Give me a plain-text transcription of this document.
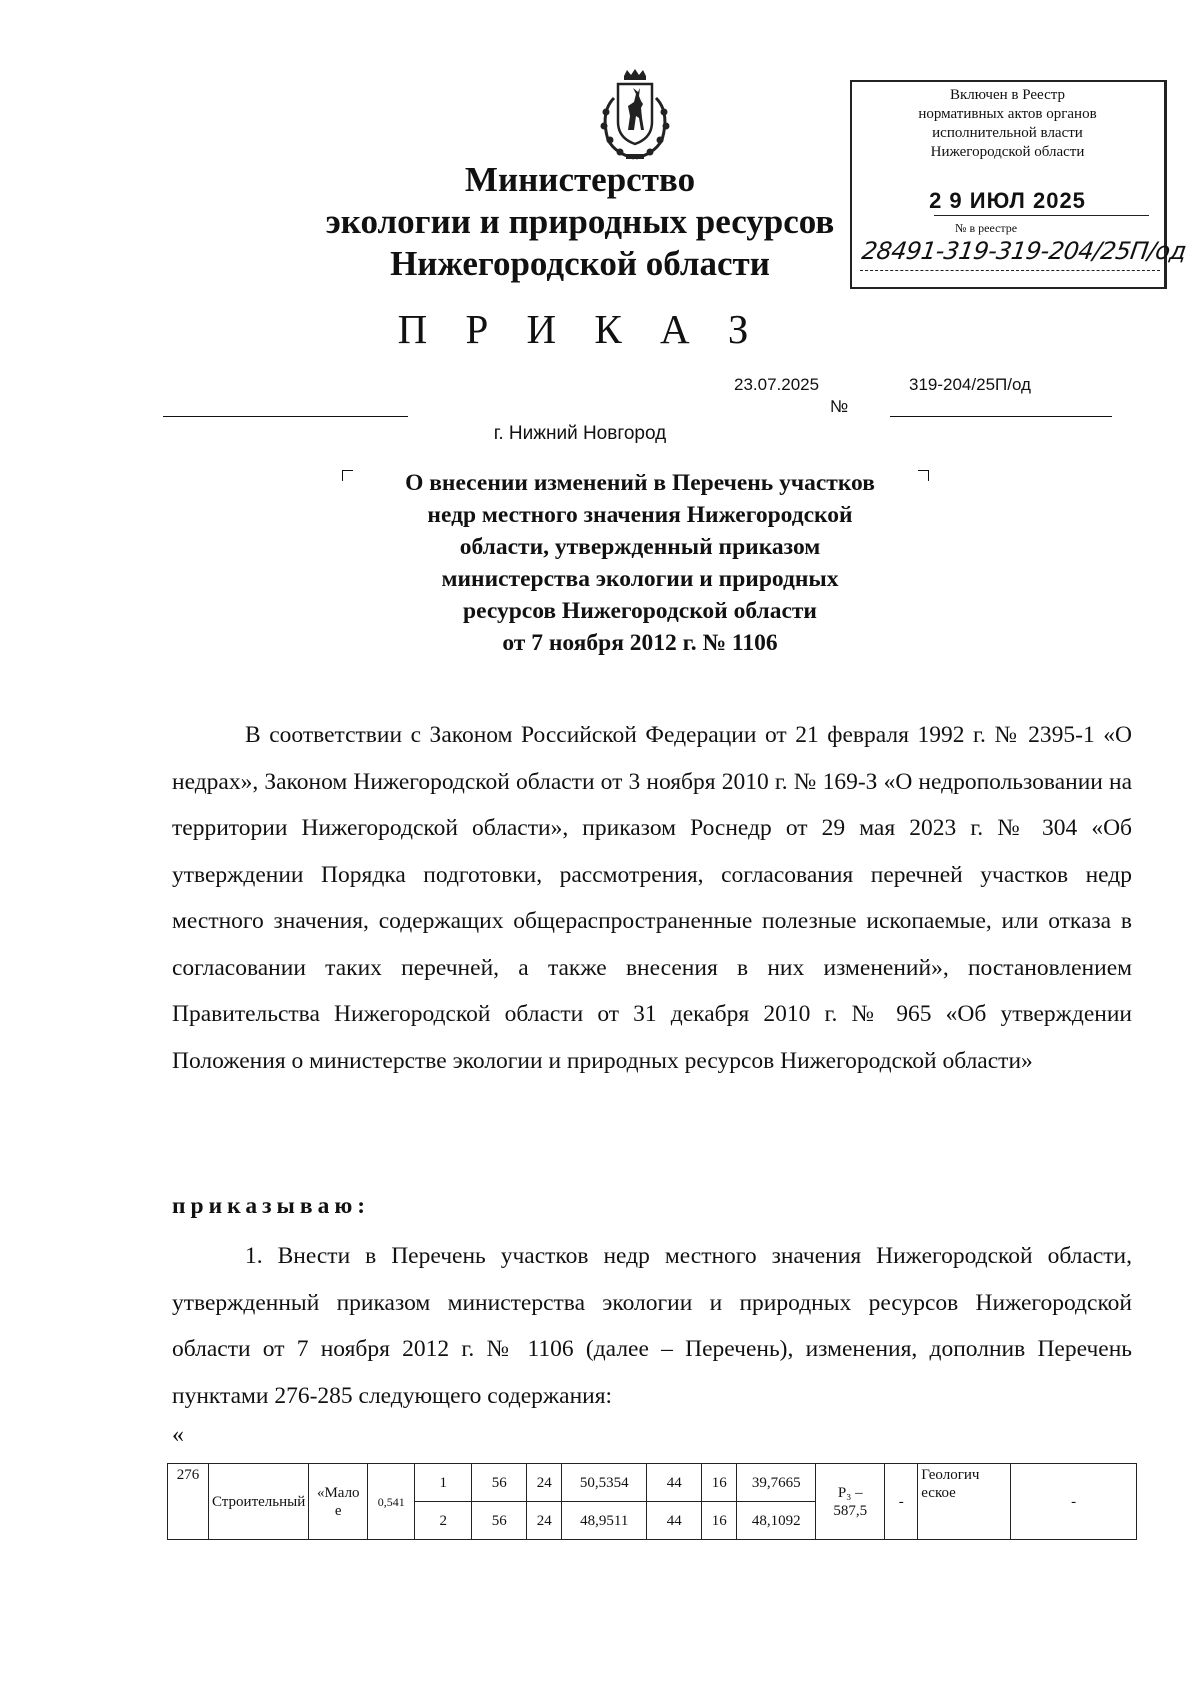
Министерство
экологии и природных ресурсов
Нижегородской области
П Р И К А З
23.07.2025	319-204/25П/од
№
г. Нижний Новгород
О внесении изменений в Перечень участков
недр местного значения Нижегородской
области, утвержденный приказом
министерства экологии и природных
ресурсов Нижегородской области
от 7 ноября 2012 г. № 1106
В соответствии с Законом Российской Федерации от 21 февраля 1992 г. № 2395-1 «О недрах», Законом Нижегородской области от 3 ноября 2010 г. № 169-З «О недропользовании на территории Нижегородской области», приказом Роснедр от 29 мая 2023 г. № 304 «Об утверждении Порядка подготовки, рассмотрения, согласования перечней участков недр местного значения, содержащих общераспространенные полезные ископаемые, или отказа в согласовании таких перечней, а также внесения в них изменений», постановлением Правительства Нижегородской области от 31 декабря 2010 г. № 965 «Об утверждении Положения о министерстве экологии и природных ресурсов Нижегородской области»
приказываю:
1. Внести в Перечень участков недр местного значения Нижегородской области, утвержденный приказом министерства экологии и природных ресурсов Нижегородской области от 7 ноября 2012 г. № 1106 (далее – Перечень), изменения, дополнив Перечень пунктами 276-285 следующего содержания:
«
276	Строительный	«Мало е	0,541	1	56	24	50,5354	44	16	39,7665	P₃ – 587,5	-	Геологич еское	-
				2	56	24	48,9511	44	16	48,1092				
Включен в Реестр
нормативных актов органов
исполнительной власти
Нижегородской области
2 9 ИЮЛ 2025
№ в реестре
28491-319-319-204/25П/од
